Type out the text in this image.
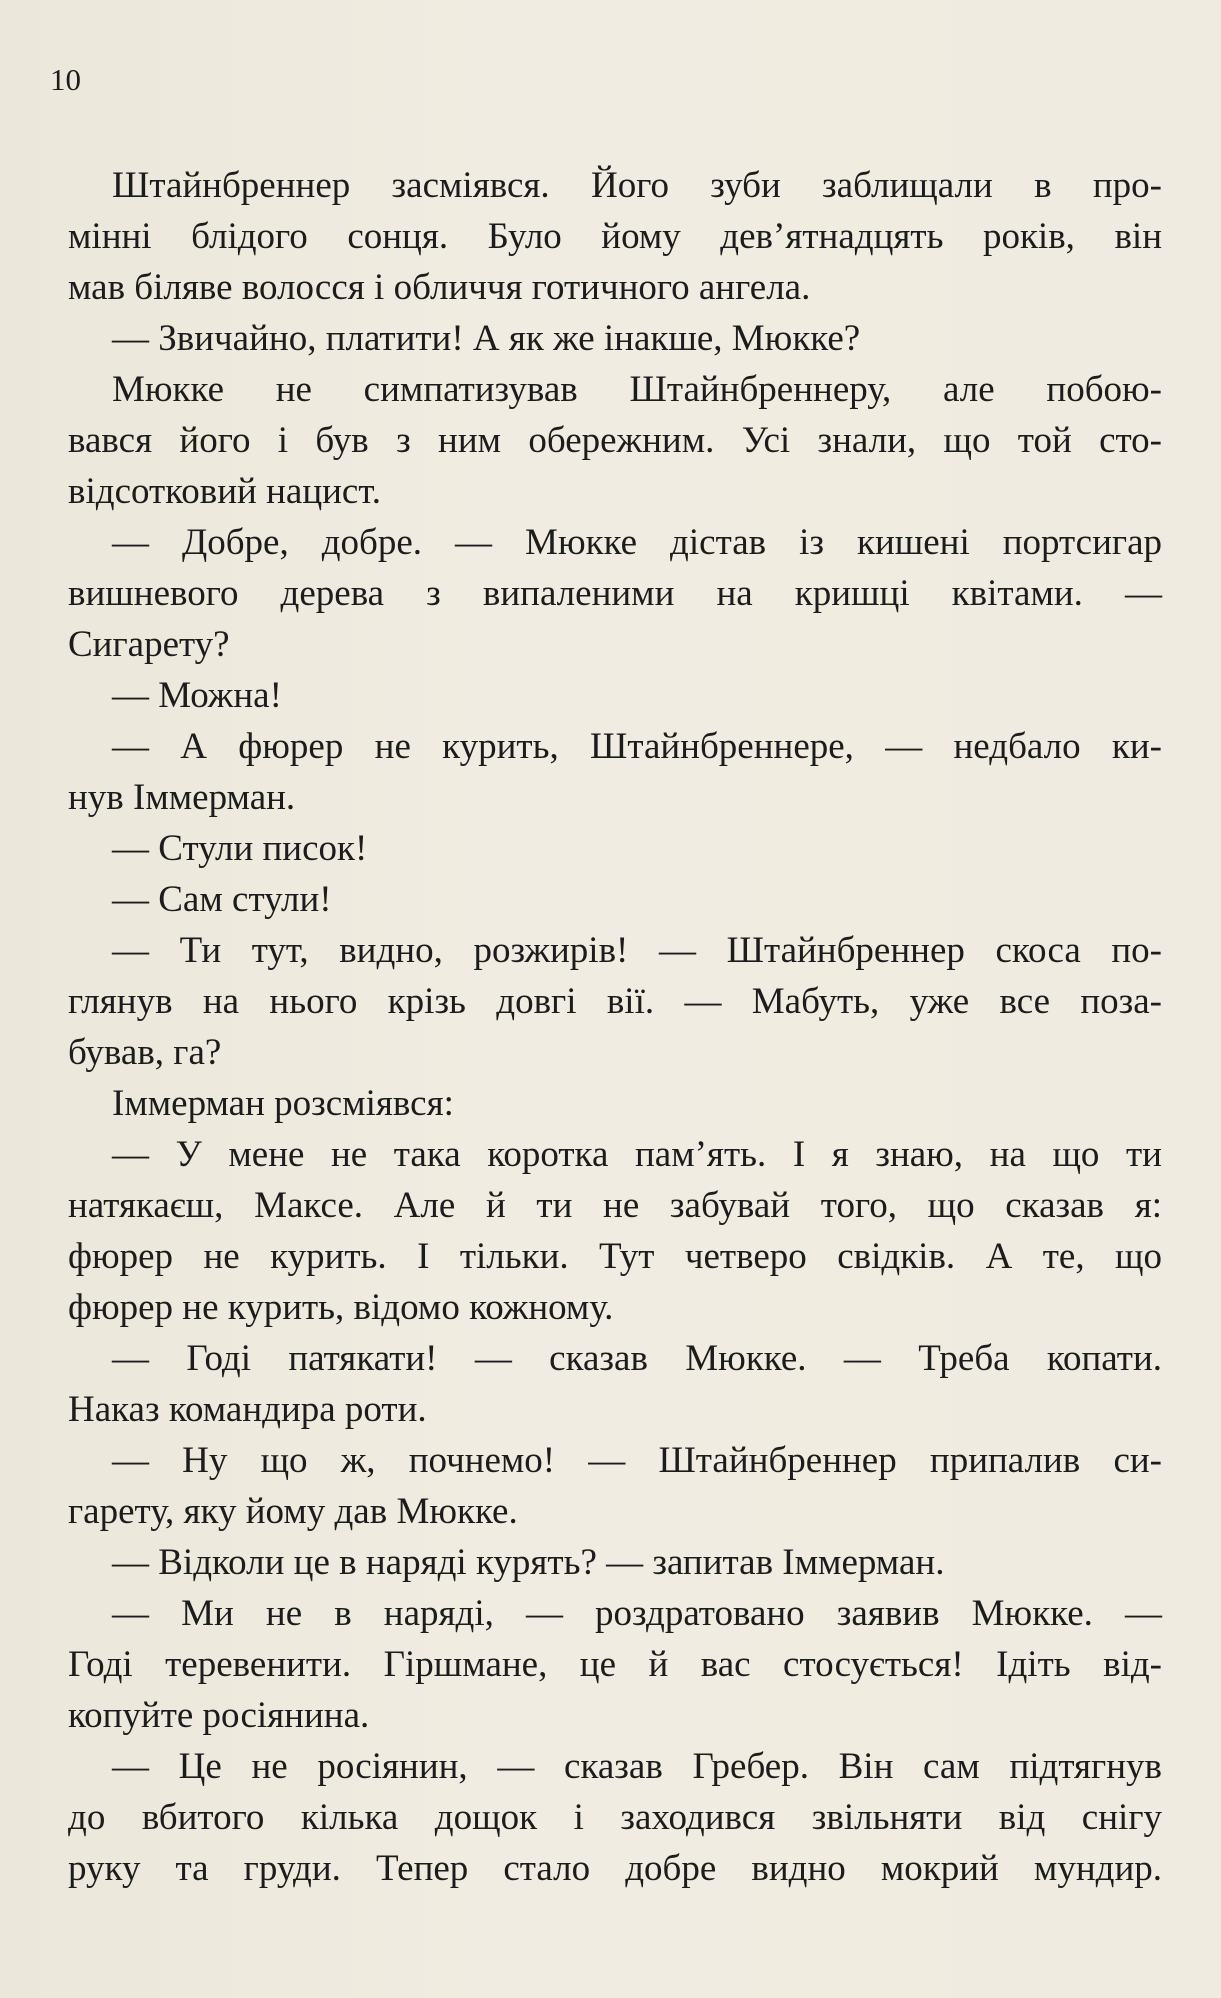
10
Штайнбреннер засміявся. Його зуби заблищали в про-
мінні блідого сонця. Було йому дев’ятнадцять років, він
мав біляве волосся і обличчя готичного ангела.
— Звичайно, платити! А як же інакше, Мюкке?
Мюкке не симпатизував Штайнбреннеру, але побою-
вався його і був з ним обережним. Усі знали, що той сто-
відсотковий нацист.
— Добре, добре. — Мюкке дістав із кишені портсигар
вишневого дерева з випаленими на кришці квітами. —
Сигарету?
— Можна!
— А фюрер не курить, Штайнбреннере, — недбало ки-
нув Іммерман.
— Стули писок!
— Сам стули!
— Ти тут, видно, розжирів! — Штайнбреннер скоса по-
глянув на нього крізь довгі вії. — Мабуть, уже все поза-
бував, га?
Іммерман розсміявся:
— У мене не така коротка пам’ять. І я знаю, на що ти
натякаєш, Максе. Але й ти не забувай того, що сказав я:
фюрер не курить. І тільки. Тут четверо свідків. А те, що
фюрер не курить, відомо кожному.
— Годі патякати! — сказав Мюкке. — Треба копати.
Наказ командира роти.
— Ну що ж, почнемо! — Штайнбреннер припалив си-
гарету, яку йому дав Мюкке.
— Відколи це в наряді курять? — запитав Іммерман.
— Ми не в наряді, — роздратовано заявив Мюкке. —
Годі теревенити. Гіршмане, це й вас стосується! Ідіть від-
копуйте росіянина.
— Це не росіянин, — сказав Гребер. Він сам підтягнув
до вбитого кілька дощок і заходився звільняти від снігу
руку та груди. Тепер стало добре видно мокрий мундир.
